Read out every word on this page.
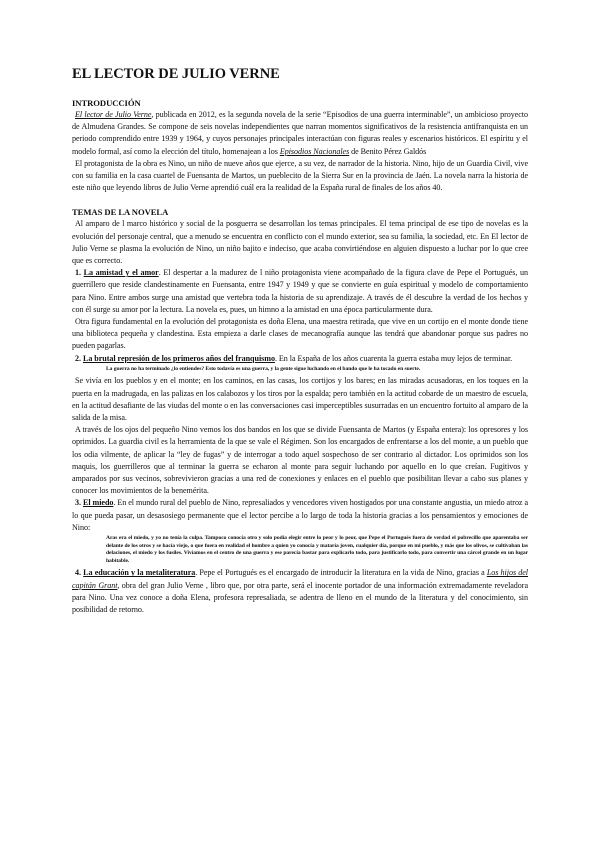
EL LECTOR DE JULIO VERNE
INTRODUCCIÓN

El lector de Julio Verne, publicada en 2012, es la segunda novela de la serie “Episodios de una guerra interminable”, un ambicioso proyecto de Almudena Grandes. Se compone de seis novelas independientes que narran momentos significativos de la resistencia antifranquista en un periodo comprendido entre 1939 y 1964, y cuyos personajes principales interactúan con figuras reales y escenarios históricos. El espíritu y el modelo formal, así como la elección del título, homenajean a los Episodios Nacionales de Benito Pérez Galdós

El protagonista de la obra es Nino, un niño de nueve años que ejerce, a su vez, de narrador de la historia. Nino, hijo de un Guardia Civil, vive con su familia en la casa cuartel de Fuensanta de Martos, un pueblecito de la Sierra Sur en la provincia de Jaén. La novela narra la historia de este niño que leyendo libros de Julio Verne aprendió cuál era la realidad de la España rural de finales de los años 40.

TEMAS DE LA NOVELA

Al amparo de l marco histórico y social de la posguerra se desarrollan los temas principales. El tema principal de ese tipo de novelas es la evolución del personaje central, que a menudo se encuentra en conflicto con el mundo exterior, sea su familia, la sociedad, etc. En El lector de Julio Verne se plasma la evolución de Nino, un niño bajito e indeciso, que acaba convirtiéndose en alguien dispuesto a luchar por lo que cree que es correcto.

1. La amistad y el amor. El despertar a la madurez de l niño protagonista viene acompañado de la figura clave de Pepe el Portugués, un guerrillero que reside clandestinamente en Fuensanta, entre 1947 y 1949 y que se convierte en guía espiritual y modelo de comportamiento para Nino. Entre ambos surge una amistad que vertebra toda la historia de su aprendizaje. A través de él descubre la verdad de los hechos y con él surge su amor por la lectura. La novela es, pues, un himno a la amistad en una época particularmente dura.

Otra figura fundamental en la evolución del protagonista es doña Elena, una maestra retirada, que vive en un cortijo en el monte donde tiene una biblioteca pequeña y clandestina. Esta empieza a darle clases de mecanografía aunque las tendrá que abandonar porque sus padres no pueden pagarlas.

2. La brutal represión de los primeros años del franquismo. En la España de los años cuarenta la guerra estaba muy lejos de terminar.

La guerra no ha terminado ¿lo entiendes? Esto todavía es una guerra, y la gente sigue luchando en el bando que le ha tocado en suerte.

Se vivía en los pueblos y en el monte; en los caminos, en las casas, los cortijos y los bares; en las miradas acusadoras, en los toques en la puerta en la madrugada, en las palizas en los calabozos y los tiros por la espalda; pero también en la actitud cobarde de un maestro de escuela, en la actitud desafiante de las viudas del monte o en las conversaciones casi imperceptibles susurradas en un encuentro fortuito al amparo de la salida de la misa.

A través de los ojos del pequeño Nino vemos los dos bandos en los que se divide Fuensanta de Martos (y España entera): los opresores y los oprimidos. La guardia civil es la herramienta de la que se vale el Régimen. Son los encargados de enfrentarse a los del monte, a un pueblo que los odia vilmente, de aplicar la “ley de fugas” y de interrogar a todo aquel sospechoso de ser contrario al dictador. Los oprimidos son los maquis, los guerrilleros que al terminar la guerra se echaron al monte para seguir luchando por aquello en lo que creían. Fugitivos y amparados por sus vecinos, sobrevivieron gracias a una red de conexiones y enlaces en el pueblo que posibilitan llevar a cabo sus planes y conocer los movimientos de la benemérita.

3. El miedo. En el mundo rural del pueblo de Nino, represaliados y vencedores viven hostigados por una constante angustia, un miedo atroz a lo que pueda pasar, un desasosiego permanente que el lector percibe a lo largo de toda la historia gracias a los pensamientos y emociones de Nino:

Aras era el miedo, y yo no tenía la culpa. Tampoco conocía otro y solo podía elegir entre lo peor y lo peor, que Pepe el Portugués fuera de verdad el pobrecillo que aparentaba ser delante de los otros y se hacía viejo, o que fuera en realidad el hombre a quien yo conocía y mataría joven, cualquier día, porque en mi pueblo, y más que los olivos, se cultivaban las delaciones, el miedo y los fusiles. Vivíamos en el centro de una guerra y ese parecía bastar para explicarlo todo, para justificarlo todo, para convertir una cárcel grande en un lugar habitable.

4. La educación y la metaliteratura. Pepe el Portugués es el encargado de introducir la literatura en la vida de Nino, gracias a Los hijos del capitán Grant, obra del gran Julio Verne , libro que, por otra parte, será el inocente portador de una información extremadamente reveladora para Nino. Una vez conoce a doña Elena, profesora represaliada, se adentra de lleno en el mundo de la literatura y del conocimiento, sin posibilidad de retorno.
